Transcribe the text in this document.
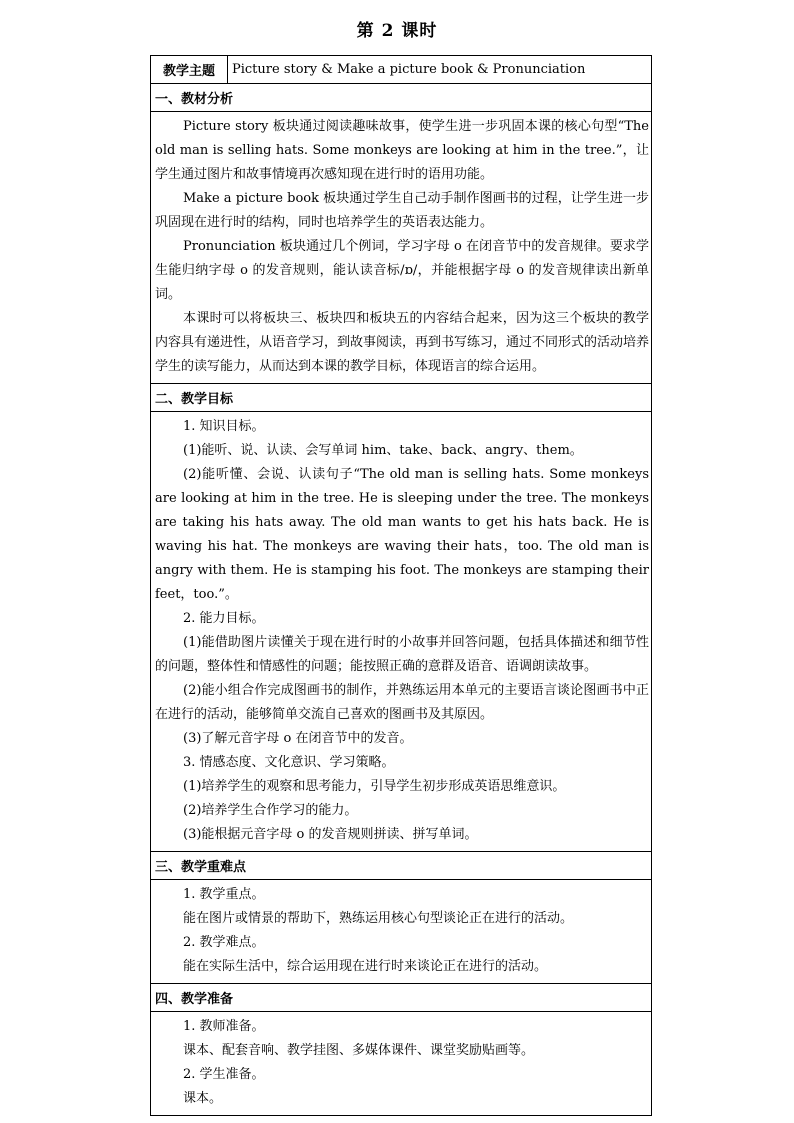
第 2 课时
教学主题	Picture story & Make a picture book & Pronunciation
一、教材分析

Picture story 板块通过阅读趣味故事，使学生进一步巩固本课的核心句型“The old man is selling hats. Some monkeys are looking at him in the tree.”，让学生通过图片和故事情境再次感知现在进行时的语用功能。

Make a picture book 板块通过学生自己动手制作图画书的过程，让学生进一步巩固现在进行时的结构，同时也培养学生的英语表达能力。

Pronunciation 板块通过几个例词，学习字母 o 在闭音节中的发音规律。要求学生能归纳字母 o 的发音规则，能认读音标/ɒ/，并能根据字母 o 的发音规律读出新单词。

本课时可以将板块三、板块四和板块五的内容结合起来，因为这三个板块的教学内容具有递进性，从语音学习，到故事阅读，再到书写练习，通过不同形式的活动培养学生的读写能力，从而达到本课的教学目标，体现语言的综合运用。

二、教学目标

1. 知识目标。

(1)能听、说、认读、会写单词 him、take、back、angry、them。

(2)能听懂、会说、认读句子“The old man is selling hats. Some monkeys are looking at him in the tree. He is sleeping under the tree. The monkeys are taking his hats away. The old man wants to get his hats back. He is waving his hat. The monkeys are waving their hats，too. The old man is angry with them. He is stamping his foot. The monkeys are stamping their feet，too.”。

2. 能力目标。

(1)能借助图片读懂关于现在进行时的小故事并回答问题，包括具体描述和细节性的问题，整体性和情感性的问题；能按照正确的意群及语音、语调朗读故事。

(2)能小组合作完成图画书的制作，并熟练运用本单元的主要语言谈论图画书中正在进行的活动，能够简单交流自己喜欢的图画书及其原因。

(3)了解元音字母 o 在闭音节中的发音。

3. 情感态度、文化意识、学习策略。

(1)培养学生的观察和思考能力，引导学生初步形成英语思维意识。

(2)培养学生合作学习的能力。

(3)能根据元音字母 o 的发音规则拼读、拼写单词。

三、教学重难点

1. 教学重点。

能在图片或情景的帮助下，熟练运用核心句型谈论正在进行的活动。

2. 教学难点。

能在实际生活中，综合运用现在进行时来谈论正在进行的活动。

四、教学准备

1. 教师准备。

课本、配套音响、教学挂图、多媒体课件、课堂奖励贴画等。

2. 学生准备。

课本。
